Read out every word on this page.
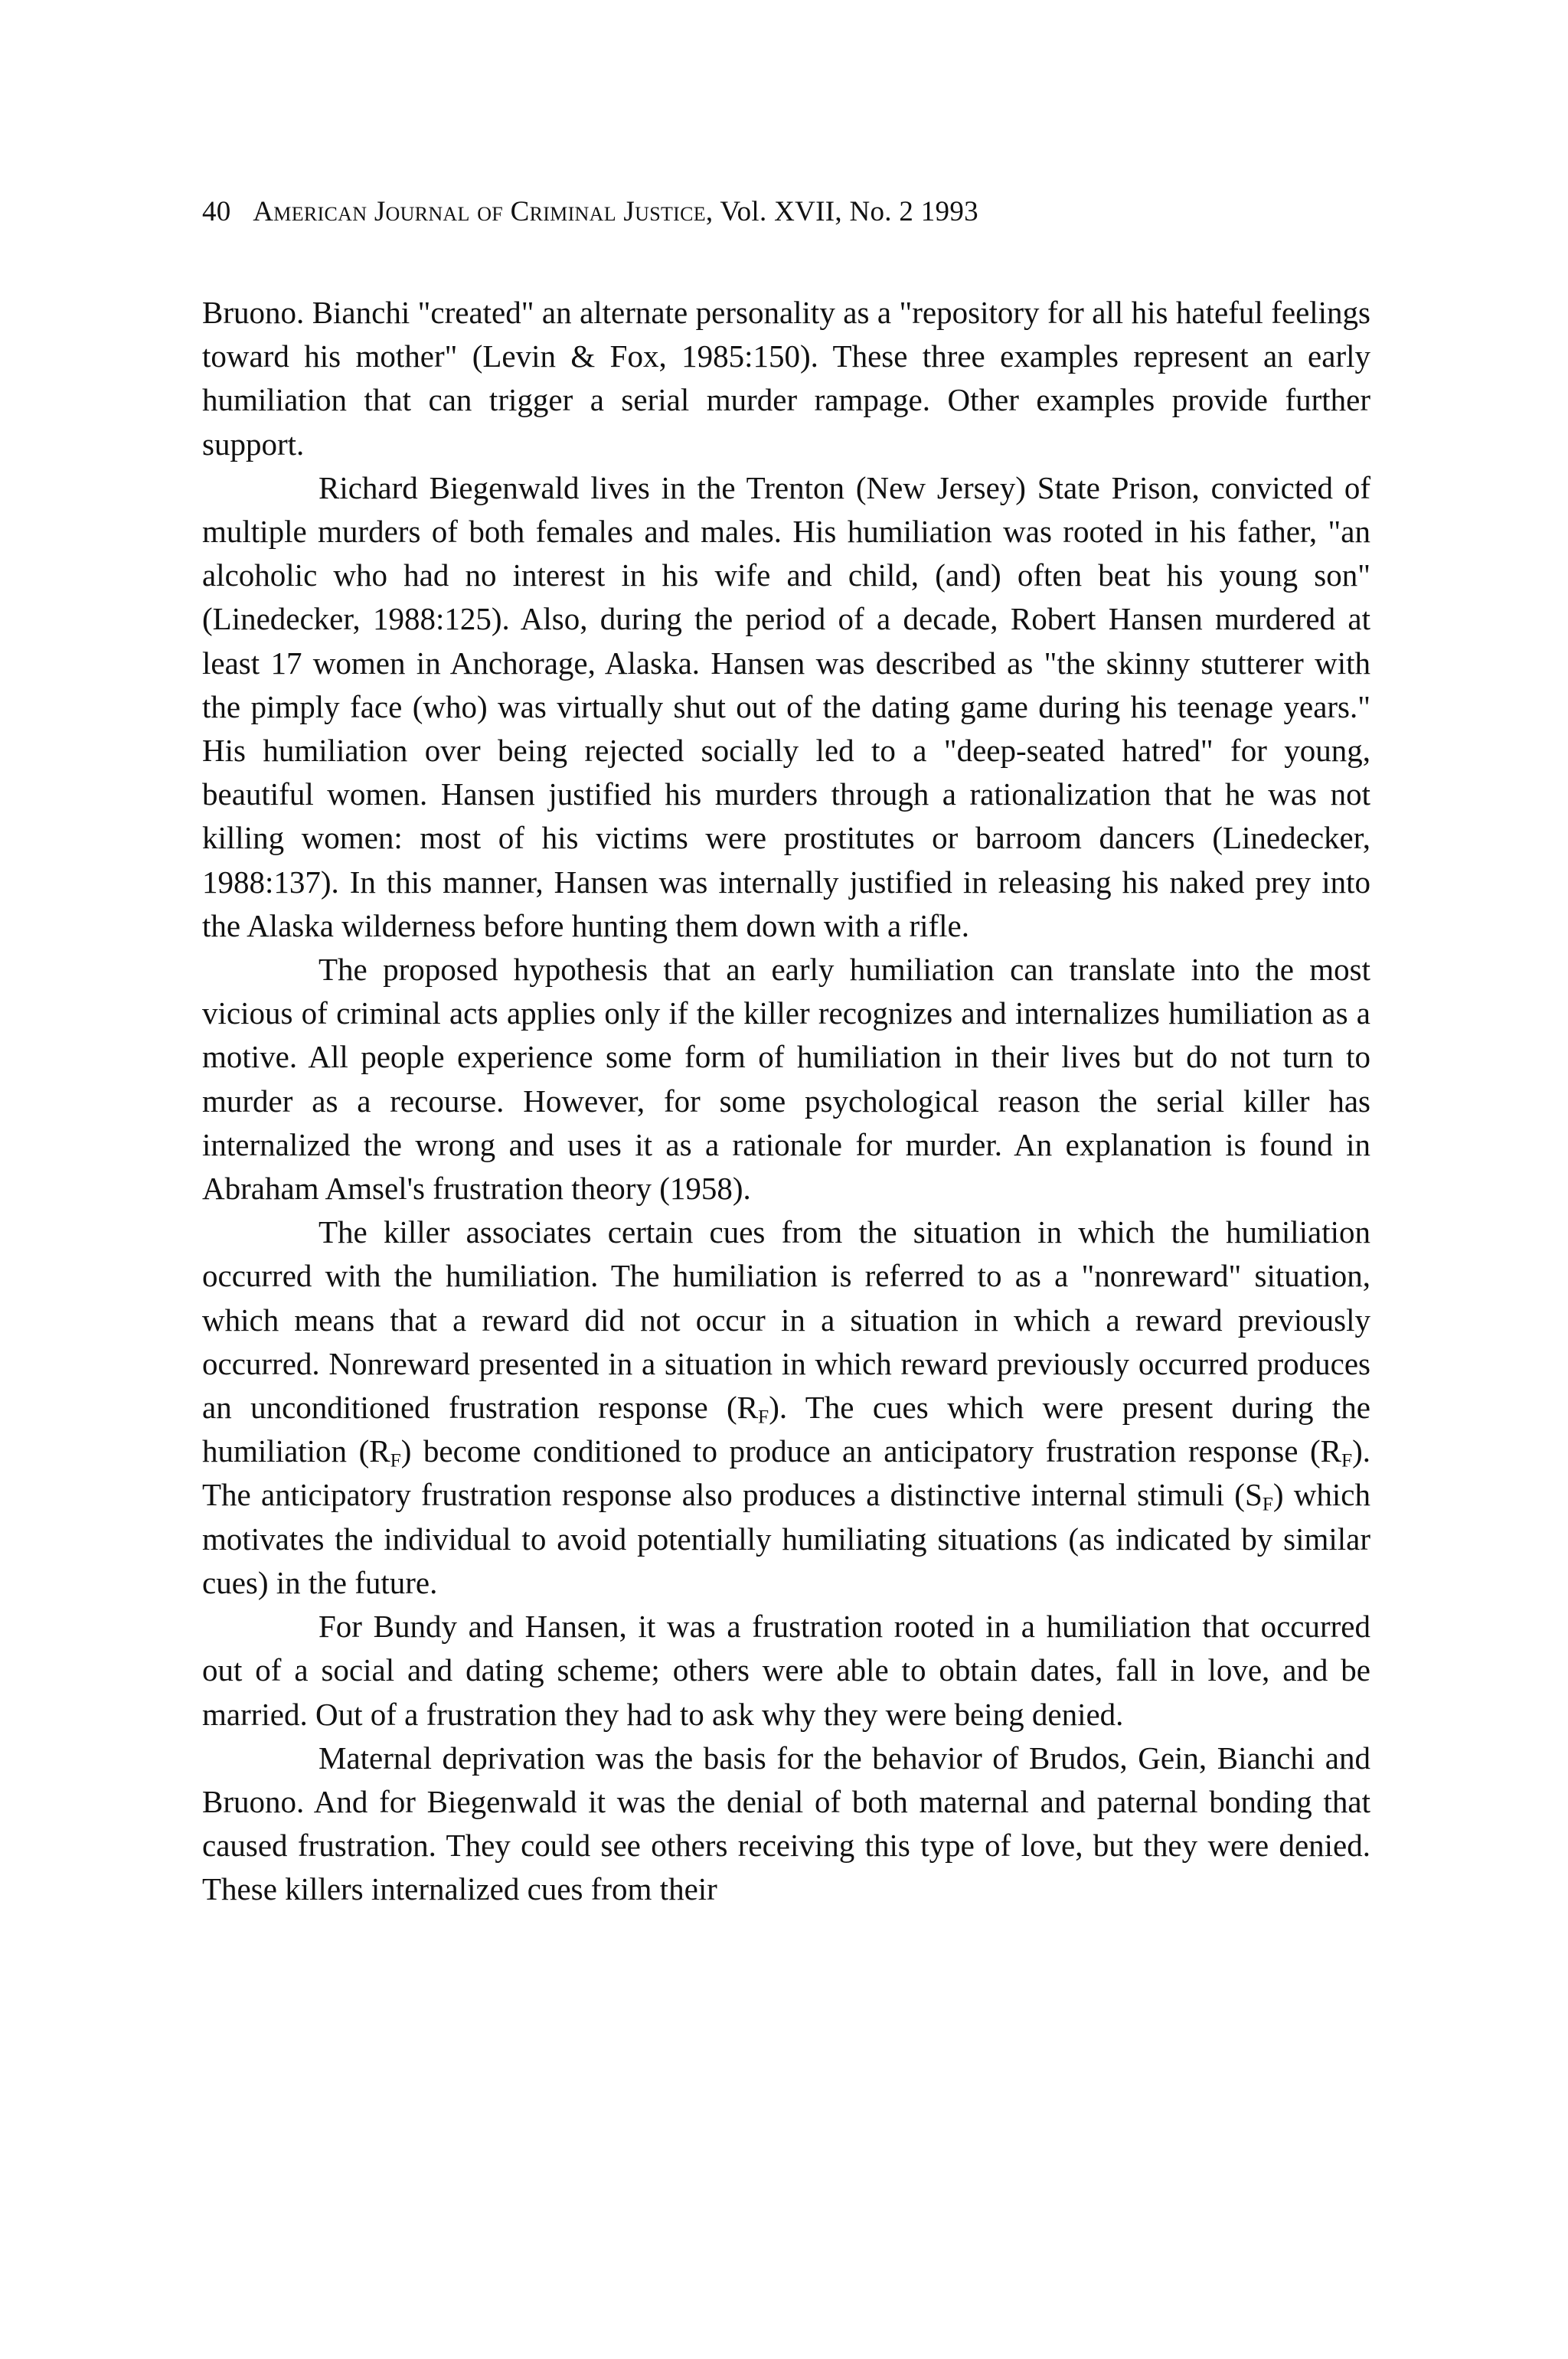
40 American Journal of Criminal Justice, Vol. XVII, No. 2 1993

Bruono. Bianchi "created" an alternate personality as a "repository for all his hateful feelings toward his mother" (Levin & Fox, 1985:150). These three examples represent an early humiliation that can trigger a serial murder rampage. Other examples provide further support.

Richard Biegenwald lives in the Trenton (New Jersey) State Prison, convicted of multiple murders of both females and males. His humiliation was rooted in his father, "an alcoholic who had no interest in his wife and child, (and) often beat his young son" (Linedecker, 1988:125). Also, during the period of a decade, Robert Hansen murdered at least 17 women in Anchorage, Alaska. Hansen was described as "the skinny stutterer with the pimply face (who) was virtually shut out of the dating game during his teenage years." His humiliation over being rejected socially led to a "deep-seated hatred" for young, beautiful women. Hansen justified his murders through a rationalization that he was not killing women: most of his victims were prostitutes or barroom dancers (Linedecker, 1988:137). In this manner, Hansen was internally justified in releasing his naked prey into the Alaska wilderness before hunting them down with a rifle.

The proposed hypothesis that an early humiliation can translate into the most vicious of criminal acts applies only if the killer recognizes and internalizes humiliation as a motive. All people experience some form of humiliation in their lives but do not turn to murder as a recourse. However, for some psychological reason the serial killer has internalized the wrong and uses it as a rationale for murder. An explanation is found in Abraham Amsel's frustration theory (1958).

The killer associates certain cues from the situation in which the humiliation occurred with the humiliation. The humiliation is referred to as a "nonreward" situation, which means that a reward did not occur in a situation in which a reward previously occurred. Nonreward presented in a situation in which reward previously occurred produces an unconditioned frustration response $(R_F)$. The cues which were present during the humiliation $(R_F)$ become conditioned to produce an anticipatory frustration response $(R_F)$. The anticipatory frustration response also produces a distinctive internal stimuli $(S_F)$ which motivates the individual to avoid potentially humiliating situations (as indicated by similar cues) in the future.

For Bundy and Hansen, it was a frustration rooted in a humiliation that occurred out of a social and dating scheme; others were able to obtain dates, fall in love, and be married. Out of a frustration they had to ask why they were being denied.

Maternal deprivation was the basis for the behavior of Brudos, Gein, Bianchi and Bruono. And for Biegenwald it was the denial of both maternal and paternal bonding that caused frustration. They could see others receiving this type of love, but they were denied. These killers internalized cues from their
